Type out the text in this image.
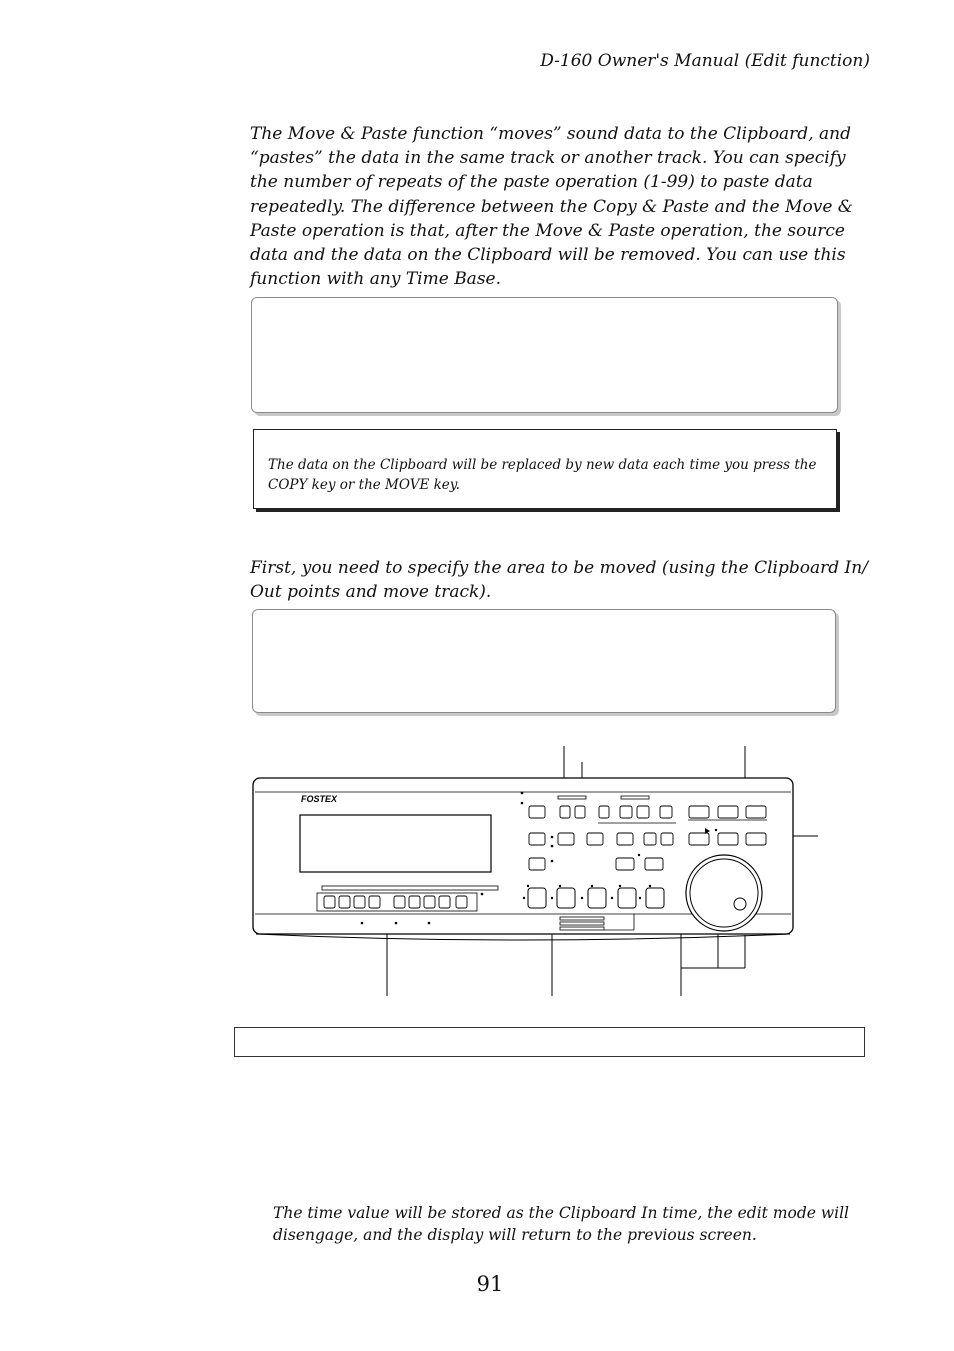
D-160 Owner's Manual (Edit function)
The Move & Paste function “moves” sound data to the Clipboard, and “pastes” the data in the same track or another track. You can specify the number of repeats of the paste operation (1-99) to paste data repeatedly. The difference between the Copy & Paste and the Move & Paste operation is that, after the Move & Paste operation, the source data and the data on the Clipboard will be removed. You can use this function with any Time Base.
The data on the Clipboard will be replaced by new data each time you press the COPY key or the MOVE key.
First, you need to specify the area to be moved (using the Clipboard In/ Out points and move track).
FOSTEX
The time value will be stored as the Clipboard In time, the edit mode will disengage, and the display will return to the previous screen.
91
